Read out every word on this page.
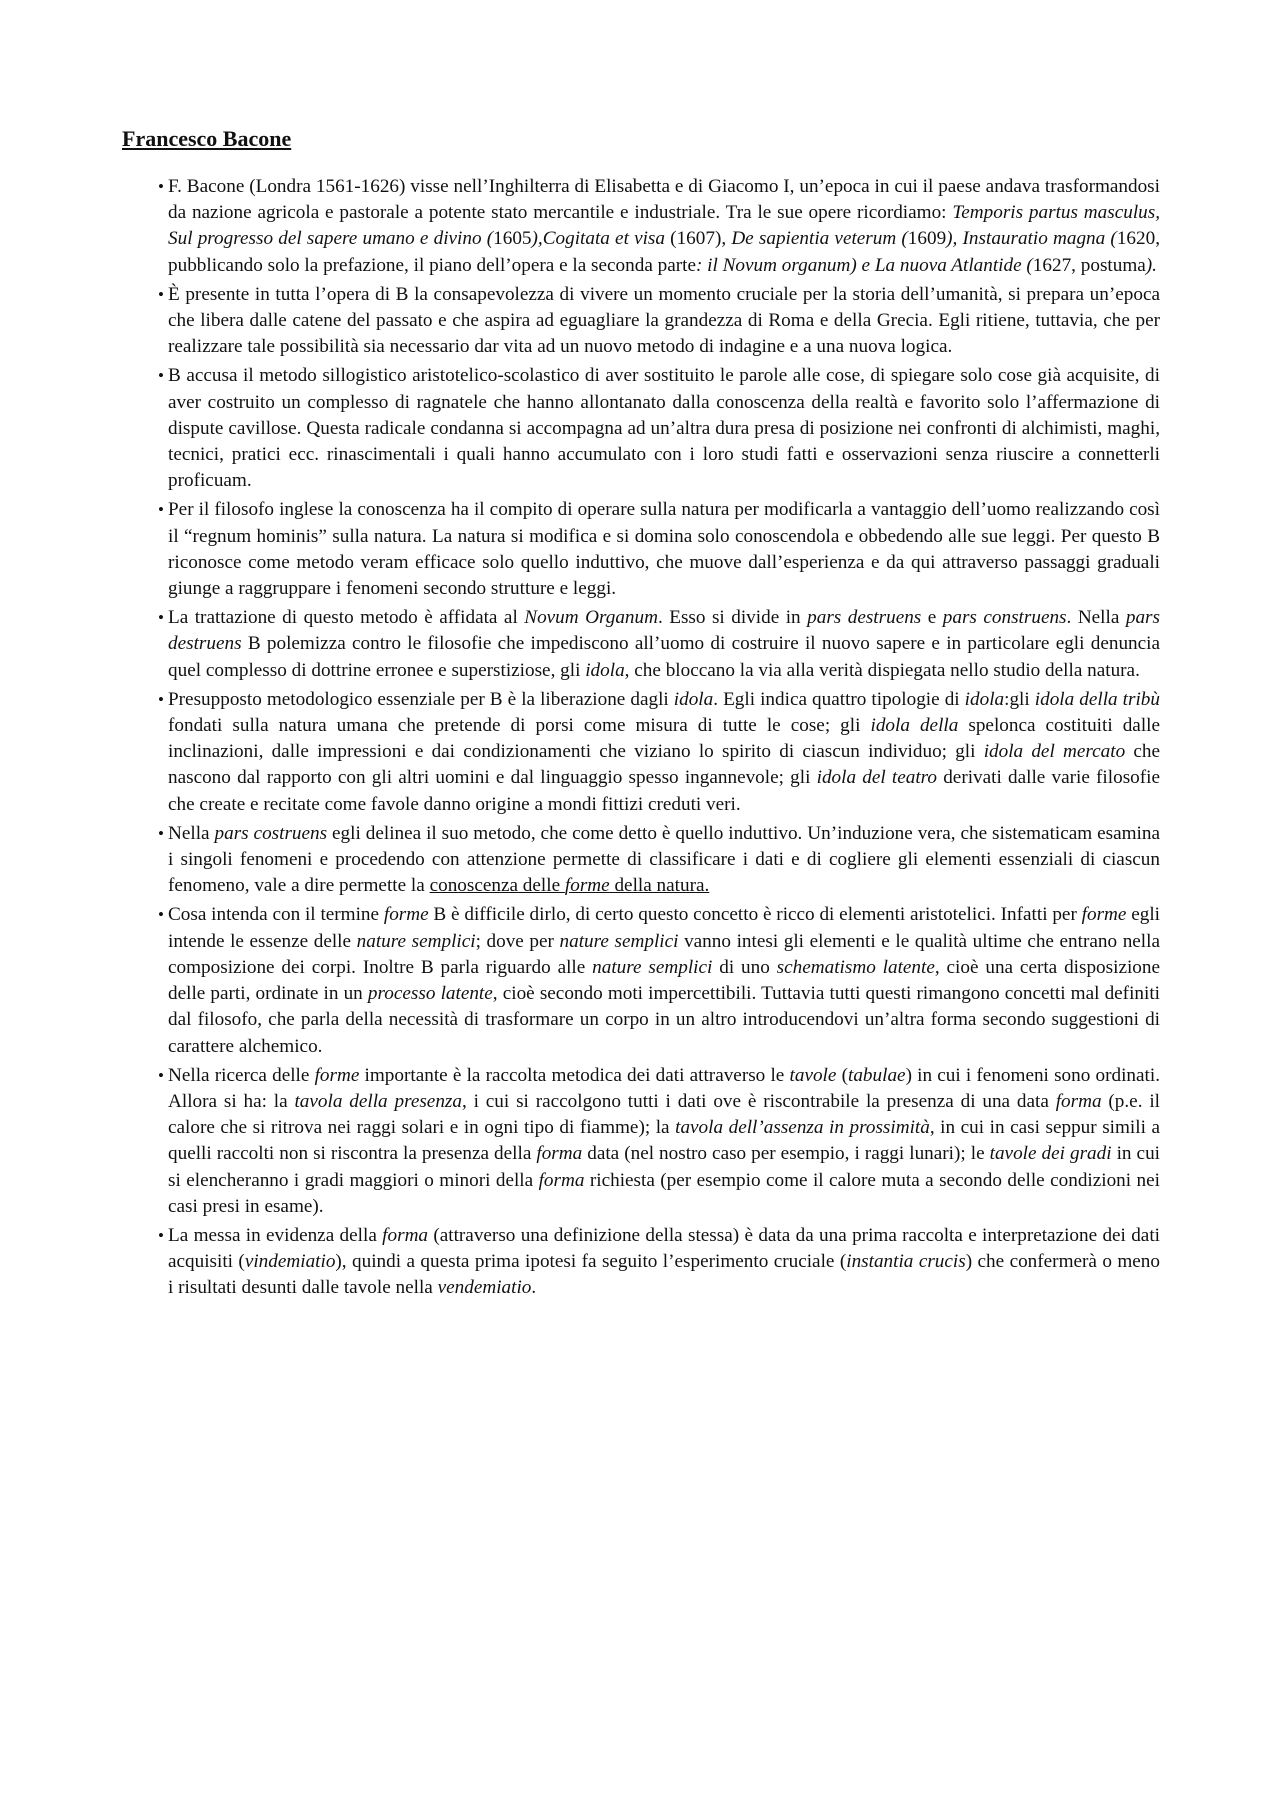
Francesco Bacone
• F. Bacone (Londra 1561-1626) visse nell’Inghilterra di Elisabetta e di Giacomo I, un’epoca in cui il paese andava trasformandosi da nazione agricola e pastorale a potente stato mercantile e industriale. Tra le sue opere ricordiamo: Temporis partus masculus, Sul progresso del sapere umano e divino (1605),Cogitata et visa (1607), De sapientia veterum (1609), Instauratio magna (1620, pubblicando solo la prefazione, il piano dell’opera e la seconda parte: il Novum organum) e La nuova Atlantide (1627, postuma).
• È presente in tutta l’opera di B la consapevolezza di vivere un momento cruciale per la storia dell’umanità, si prepara un’epoca che libera dalle catene del passato e che aspira ad eguagliare la grandezza di Roma e della Grecia. Egli ritiene, tuttavia, che per realizzare tale possibilità sia necessario dar vita ad un nuovo metodo di indagine e a una nuova logica.
• B accusa il metodo sillogistico aristotelico-scolastico di aver sostituito le parole alle cose, di spiegare solo cose già acquisite, di aver costruito un complesso di ragnatele che hanno allontanato dalla conoscenza della realtà e favorito solo l’affermazione di dispute cavillose. Questa radicale condanna si accompagna ad un’altra dura presa di posizione nei confronti di alchimisti, maghi, tecnici, pratici ecc. rinascimentali i quali hanno accumulato con i loro studi fatti e osservazioni senza riuscire a connetterli proficuam.
• Per il filosofo inglese la conoscenza ha il compito di operare sulla natura per modificarla a vantaggio dell’uomo realizzando così il “regnum hominis” sulla natura. La natura si modifica e si domina solo conoscendola e obbedendo alle sue leggi. Per questo B riconosce come metodo veram efficace solo quello induttivo, che muove dall’esperienza e da qui attraverso passaggi graduali giunge a raggruppare i fenomeni secondo strutture e leggi.
• La trattazione di questo metodo è affidata al Novum Organum. Esso si divide in pars destruens e pars construens. Nella pars destruens B polemizza contro le filosofie che impediscono all’uomo di costruire il nuovo sapere e in particolare egli denuncia quel complesso di dottrine erronee e superstiziose, gli idola, che bloccano la via alla verità dispiegata nello studio della natura.
• Presupposto metodologico essenziale per B è la liberazione dagli idola. Egli indica quattro tipologie di idola:gli idola della tribù fondati sulla natura umana che pretende di porsi come misura di tutte le cose; gli idola della spelonca costituiti dalle inclinazioni, dalle impressioni e dai condizionamenti che viziano lo spirito di ciascun individuo; gli idola del mercato che nascono dal rapporto con gli altri uomini e dal linguaggio spesso ingannevole; gli idola del teatro derivati dalle varie filosofie che create e recitate come favole danno origine a mondi fittizi creduti veri.
• Nella pars costruens egli delinea il suo metodo, che come detto è quello induttivo. Un’induzione vera, che sistematicam esamina i singoli fenomeni e procedendo con attenzione permette di classificare i dati e di cogliere gli elementi essenziali di ciascun fenomeno, vale a dire permette la conoscenza delle forme della natura.
• Cosa intenda con il termine forme B è difficile dirlo, di certo questo concetto è ricco di elementi aristotelici. Infatti per forme egli intende le essenze delle nature semplici; dove per nature semplici vanno intesi gli elementi e le qualità ultime che entrano nella composizione dei corpi. Inoltre B parla riguardo alle nature semplici di uno schematismo latente, cioè una certa disposizione delle parti, ordinate in un processo latente, cioè secondo moti impercettibili. Tuttavia tutti questi rimangono concetti mal definiti dal filosofo, che parla della necessità di trasformare un corpo in un altro introducendovi un’altra forma secondo suggestioni di carattere alchemico.
• Nella ricerca delle forme importante è la raccolta metodica dei dati attraverso le tavole (tabulae) in cui i fenomeni sono ordinati. Allora si ha: la tavola della presenza, i cui si raccolgono tutti i dati ove è riscontrabile la presenza di una data forma (p.e. il calore che si ritrova nei raggi solari e in ogni tipo di fiamme); la tavola dell’assenza in prossimità, in cui in casi seppur simili a quelli raccolti non si riscontra la presenza della forma data (nel nostro caso per esempio, i raggi lunari); le tavole dei gradi in cui si elencheranno i gradi maggiori o minori della forma richiesta (per esempio come il calore muta a secondo delle condizioni nei casi presi in esame).
• La messa in evidenza della forma (attraverso una definizione della stessa) è data da una prima raccolta e interpretazione dei dati acquisiti (vindemiatio), quindi a questa prima ipotesi fa seguito l’esperimento cruciale (instantia crucis) che confermerà o meno i risultati desunti dalle tavole nella vendemiatio.
